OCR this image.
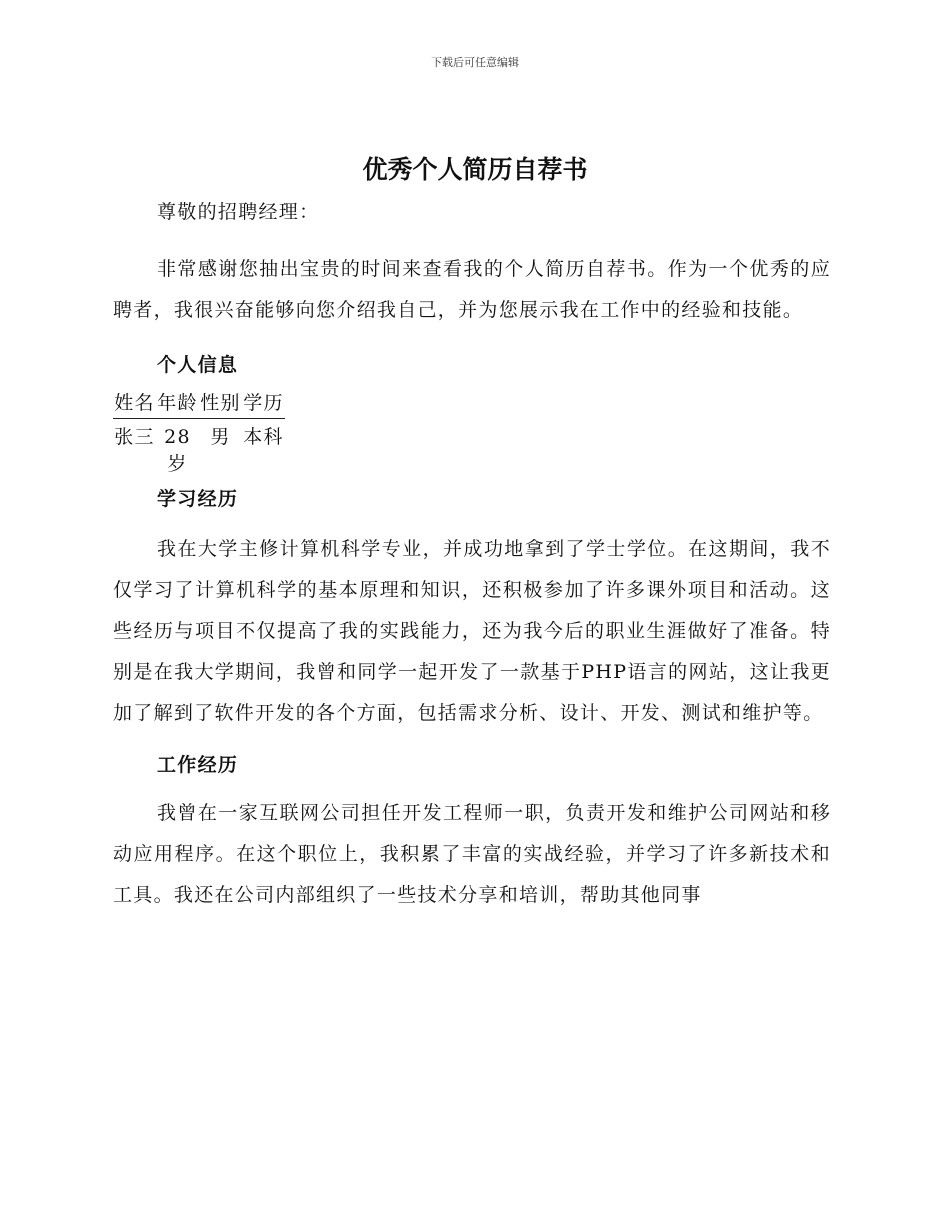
下载后可任意编辑
优秀个人简历自荐书

尊敬的招聘经理：

非常感谢您抽出宝贵的时间来查看我的个人简历自荐书。作为一个优秀的应聘者，我很兴奋能够向您介绍我自己，并为您展示我在工作中的经验和技能。

个人信息
姓名	年龄	性别	学历
张三	28岁	男	本科
学习经历

我在大学主修计算机科学专业，并成功地拿到了学士学位。在这期间，我不仅学习了计算机科学的基本原理和知识，还积极参加了许多课外项目和活动。这些经历与项目不仅提高了我的实践能力，还为我今后的职业生涯做好了准备。特别是在我大学期间，我曾和同学一起开发了一款基于PHP语言的网站，这让我更加了解到了软件开发的各个方面，包括需求分析、设计、开发、测试和维护等。

工作经历

我曾在一家互联网公司担任开发工程师一职，负责开发和维护公司网站和移动应用程序。在这个职位上，我积累了丰富的实战经验，并学习了许多新技术和工具。我还在公司内部组织了一些技术分享和培训，帮助其他同事
